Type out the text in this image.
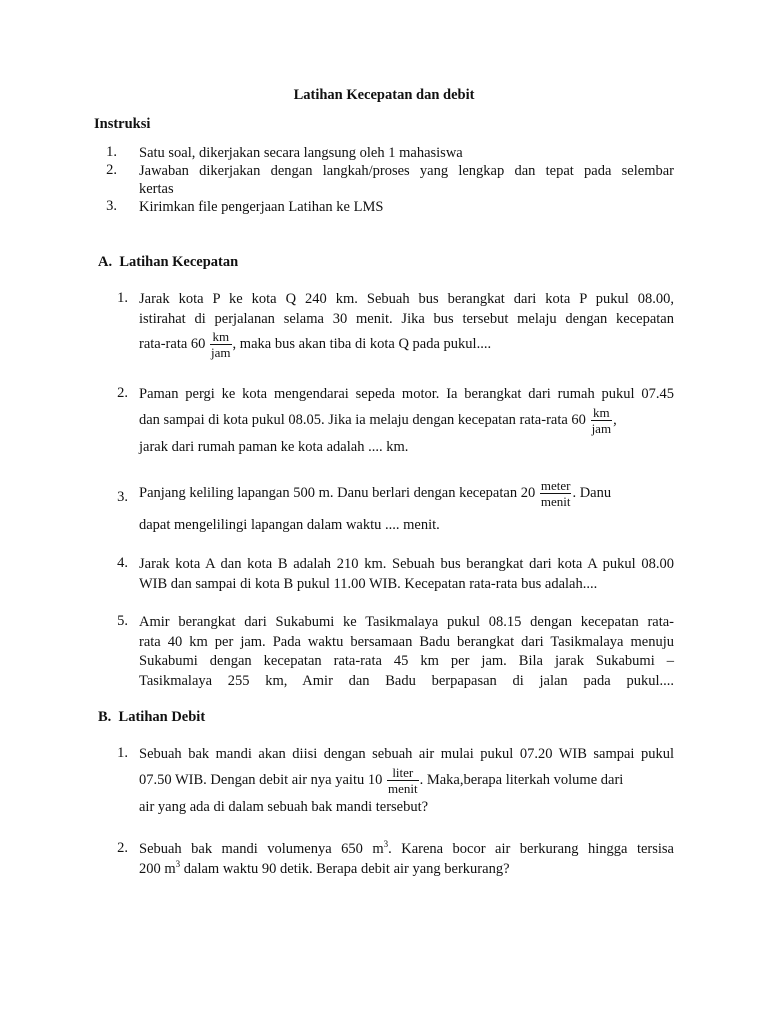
Latihan Kecepatan dan debit
Instruksi
1. Satu soal, dikerjakan secara langsung oleh 1 mahasiswa
2. Jawaban dikerjakan dengan langkah/proses yang lengkap dan tepat pada selembar
kertas
3. Kirimkan file pengerjaan Latihan ke LMS
A.  Latihan Kecepatan
1. Jarak kota P ke kota Q 240 km. Sebuah bus berangkat dari kota P pukul 08.00,
istirahat di perjalanan selama 30 menit. Jika bus tersebut melaju dengan kecepatan
rata-rata $60 \frac{km}{\text{jam}}$ , maka bus akan tiba di kota Q pada pukul....
2. Paman pergi ke kota mengendarai sepeda motor. Ia berangkat dari rumah pukul 07.45
dan sampai di kota pukul 08.05. Jika ia melaju dengan kecepatan rata-rata $60 \frac{km}{\text{jam}}$ ,
jarak dari rumah paman ke kota adalah .... km.
3. Panjang keliling lapangan 500 m. Danu berlari dengan kecepatan $20 \frac{\text{meter}}{\text{menit}}$ . Danu
dapat mengelilingi lapangan dalam waktu .... menit.
4. Jarak kota A dan kota B adalah 210 km. Sebuah bus berangkat dari kota A pukul 08.00
WIB dan sampai di kota B pukul 11.00 WIB. Kecepatan rata-rata bus adalah....
5. Amir berangkat dari Sukabumi ke Tasikmalaya pukul 08.15 dengan kecepatan rata-
rata 40 km per jam. Pada waktu bersamaan Badu berangkat dari Tasikmalaya menuju
Sukabumi dengan kecepatan rata-rata 45 km per jam. Bila jarak Sukabumi –
Tasikmalaya 255 km, Amir dan Badu berpapasan di jalan pada pukul....
B.  Latihan Debit
1. Sebuah bak mandi akan diisi dengan sebuah air mulai pukul 07.20 WIB sampai pukul
07.50 WIB. Dengan debit air nya yaitu $10 \frac{\text{liter}}{\text{menit}}$ . Maka,berapa literkah volume dari
air yang ada di dalam sebuah bak mandi tersebut?
2. Sebuah bak mandi volumenya 650 $m^3$. Karena bocor air berkurang hingga tersisa
200 $m^3$ dalam waktu 90 detik. Berapa debit air yang berkurang?
